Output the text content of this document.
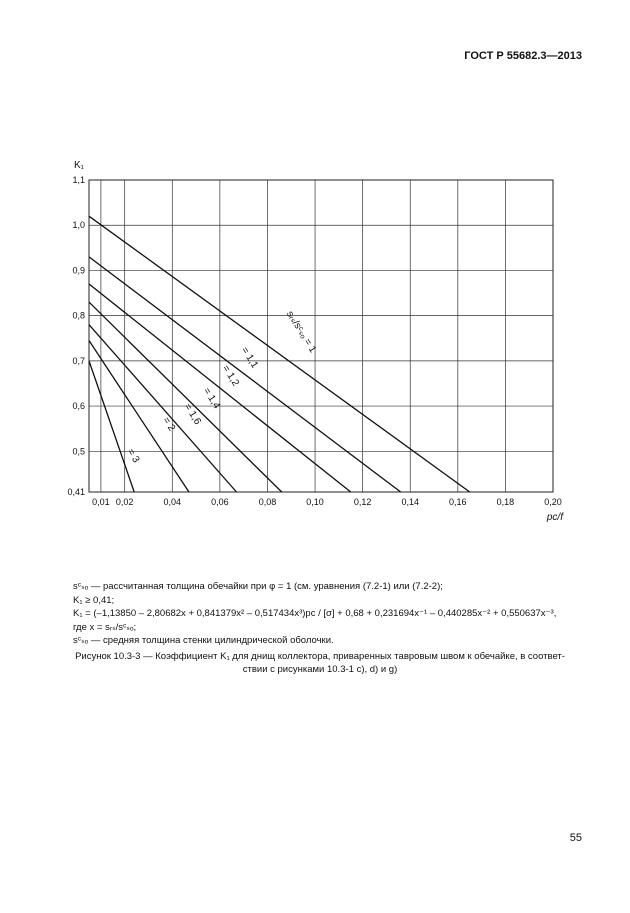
ГОСТ Р 55682.3—2013
0,01 0,02	0,04	0,06	0,08	0,10	0,12	0,14	0,16	0,18	0,20
0,41
0,5
0,6
0,7
0,8
0,9
1,0
1,1
K₁
pᴄ/f
sᵣₛ/sᶜₛₒ = 1
= 1,1
= 1,2
= 1,4
= 1,6
= 2
= 3
sᶜₛₒ — рассчитанная толщина обечайки при φ = 1 (см. уравнения (7.2-1) или (7.2-2);
K₁ ≥ 0,41;
K₁ = (–1,13850 – 2,80682x + 0,841379x² – 0,517434x³)pᴄ / [σ] + 0,68 + 0,231694x⁻¹ – 0,440285x⁻² + 0,550637x⁻³,
где x = sᵣₛ/sᶜₛₒ;
sᶜₛₒ — средняя толщина стенки цилиндрической оболочки.
Рисунок 10.3-3 — Коэффициент K₁ для днищ коллектора, приваренных тавровым швом к обечайке, в соответ-
ствии с рисунками 10.3-1 c), d) и g)
55
